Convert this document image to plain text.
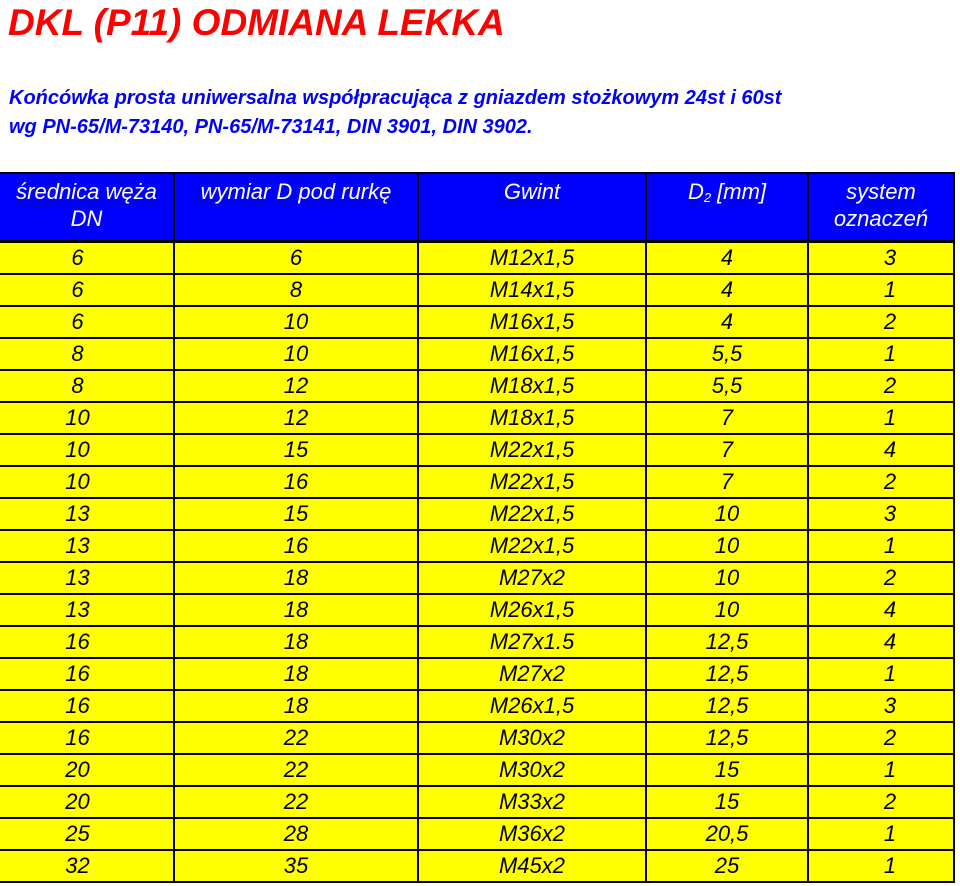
DKL (P11) ODMIANA LEKKA

Końcówka prosta uniwersalna współpracująca z gniazdem stożkowym 24st i 60st
wg PN-65/M-73140, PN-65/M-73141, DIN 3901, DIN 3902.

średnica węża
DN	wymiar D pod rurkę	Gwint	$D_2$ [mm]	system
oznaczeń

6	6	M12x1,5	4	3
6	8	M14x1,5	4	1
6	10	M16x1,5	4	2
8	10	M16x1,5	5,5	1
8	12	M18x1,5	5,5	2
10	12	M18x1,5	7	1
10	15	M22x1,5	7	4
10	16	M22x1,5	7	2
13	15	M22x1,5	10	3
13	16	M22x1,5	10	1
13	18	M27x2	10	2
13	18	M26x1,5	10	4
16	18	M27x1.5	12,5	4
16	18	M27x2	12,5	1
16	18	M26x1,5	12,5	3
16	22	M30x2	12,5	2
20	22	M30x2	15	1
20	22	M33x2	15	2
25	28	M36x2	20,5	1
32	35	M45x2	25	1
